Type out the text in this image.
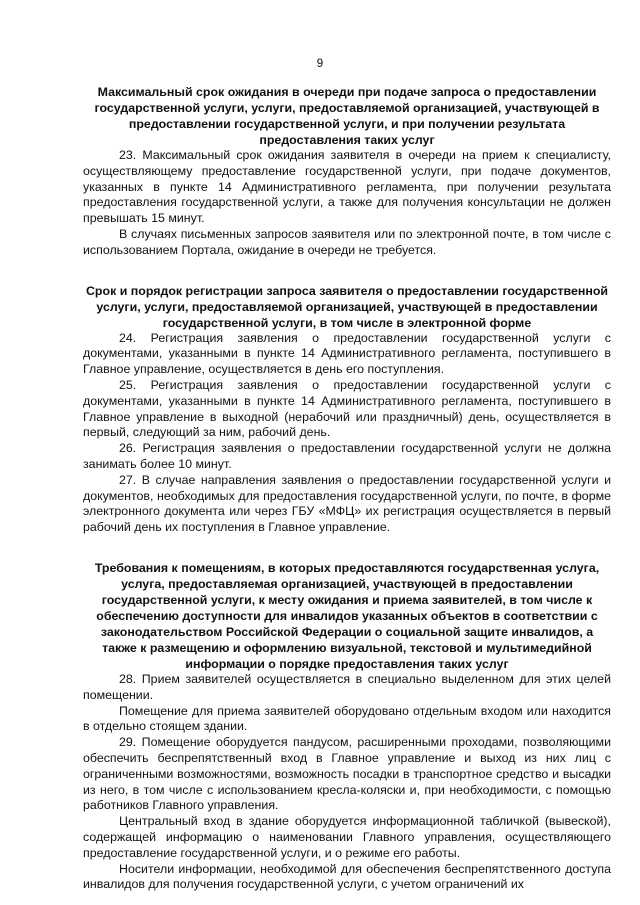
9

Максимальный срок ожидания в очереди при подаче запроса о предоставлении государственной услуги, услуги, предоставляемой организацией, участвующей в предоставлении государственной услуги, и при получении результата предоставления таких услуг

23. Максимальный срок ожидания заявителя в очереди на прием к специалисту, осуществляющему предоставление государственной услуги, при подаче документов, указанных в пункте 14 Административного регламента, при получении результата предоставления государственной услуги, а также для получения консультации не должен превышать 15 минут.

В случаях письменных запросов заявителя или по электронной почте, в том числе с использованием Портала, ожидание в очереди не требуется.

Срок и порядок регистрации запроса заявителя о предоставлении государственной услуги, услуги, предоставляемой организацией, участвующей в предоставлении государственной услуги, в том числе в электронной форме

24. Регистрация заявления о предоставлении государственной услуги с документами, указанными в пункте 14 Административного регламента, поступившего в Главное управление, осуществляется в день его поступления.

25. Регистрация заявления о предоставлении государственной услуги с документами, указанными в пункте 14 Административного регламента, поступившего в Главное управление в выходной (нерабочий или праздничный) день, осуществляется в первый, следующий за ним, рабочий день.

26. Регистрация заявления о предоставлении государственной услуги не должна занимать более 10 минут.

27. В случае направления заявления о предоставлении государственной услуги и документов, необходимых для предоставления государственной услуги, по почте, в форме электронного документа или через ГБУ «МФЦ» их регистрация осуществляется в первый рабочий день их поступления в Главное управление.

Требования к помещениям, в которых предоставляются государственная услуга, услуга, предоставляемая организацией, участвующей в предоставлении государственной услуги, к месту ожидания и приема заявителей, в том числе к обеспечению доступности для инвалидов указанных объектов в соответствии с законодательством Российской Федерации о социальной защите инвалидов, а также к размещению и оформлению визуальной, текстовой и мультимедийной информации о порядке предоставления таких услуг

28. Прием заявителей осуществляется в специально выделенном для этих целей помещении.

Помещение для приема заявителей оборудовано отдельным входом или находится в отдельно стоящем здании.

29. Помещение оборудуется пандусом, расширенными проходами, позволяющими обеспечить беспрепятственный вход в Главное управление и выход из них лиц с ограниченными возможностями, возможность посадки в транспортное средство и высадки из него, в том числе с использованием кресла-коляски и, при необходимости, с помощью работников Главного управления.

Центральный вход в здание оборудуется информационной табличкой (вывеской), содержащей информацию о наименовании Главного управления, осуществляющего предоставление государственной услуги, и о режиме его работы.

Носители информации, необходимой для обеспечения беспрепятственного доступа инвалидов для получения государственной услуги, с учетом ограничений их
